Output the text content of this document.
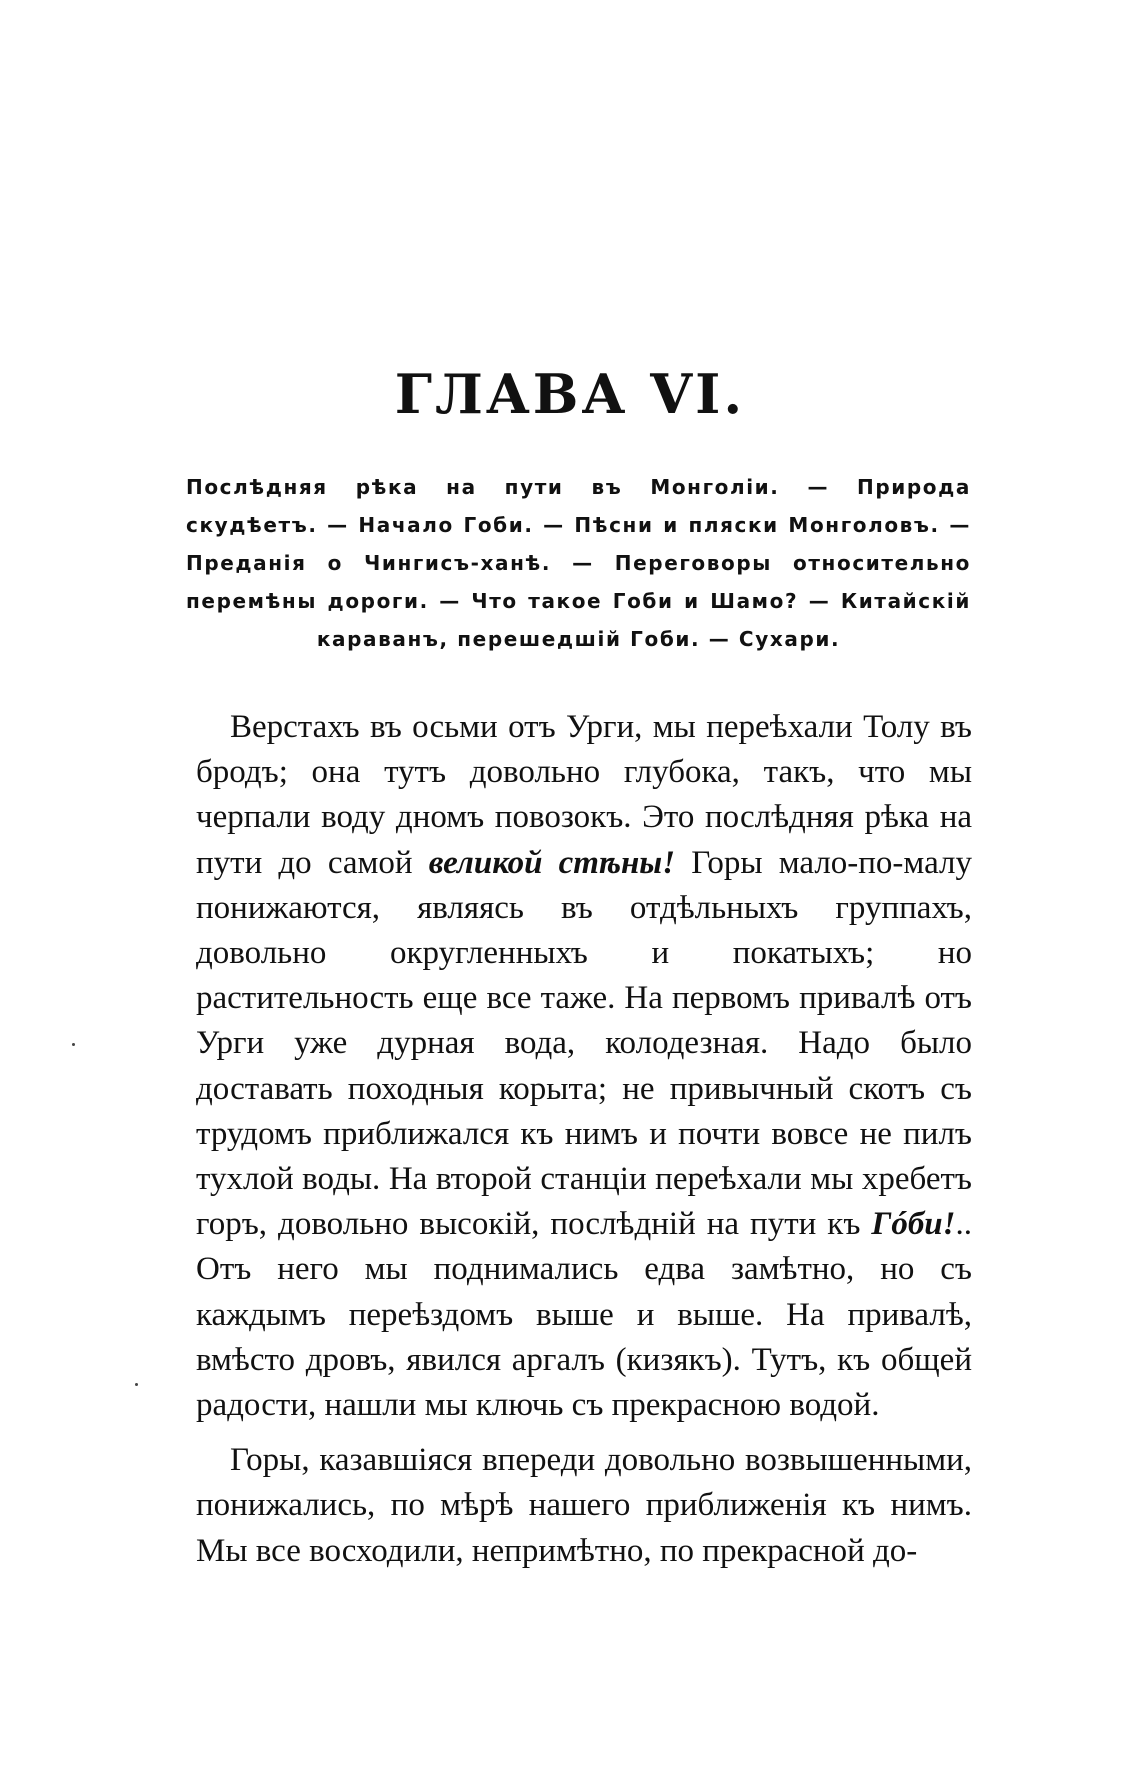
ГЛАВА VI.

Послѣдняя рѣка на пути въ Монголіи. — Природа скудѣетъ. — Начало Гоби. — Пѣсни и пляски Монголовъ. — Преданія о Чингисъ-ханѣ. — Переговоры относительно перемѣны дороги. — Что такое Гоби и Шамо? — Китайскій караванъ, перешедшій Гоби. — Сухари.

Верстахъ въ осьми отъ Урги, мы переѣхали Толу въ бродъ; она тутъ довольно глубока, такъ, что мы черпали воду дномъ повозокъ. Это послѣдняя рѣка на пути до самой великой стѣны! Горы мало-по-малу понижаются, являясь въ отдѣльныхъ группахъ, довольно округленныхъ и покатыхъ; но растительность еще все таже. На первомъ привалѣ отъ Урги уже дурная вода, колодезная. Надо было доставать походныя корыта; не привычный скотъ съ трудомъ приближался къ нимъ и почти вовсе не пилъ тухлой воды. На второй станціи переѣхали мы хребетъ горъ, довольно высокій, послѣдній на пути къ Гóби!.. Отъ него мы поднимались едва замѣтно, но съ каждымъ переѣздомъ выше и выше. На привалѣ, вмѣсто дровъ, явился аргалъ (кизякъ). Тутъ, къ общей радости, нашли мы ключь съ прекрасною водой.

Горы, казавшіяся впереди довольно возвышенными, понижались, по мѣрѣ нашего приближенія къ нимъ. Мы все восходили, непримѣтно, по прекрасной до-
